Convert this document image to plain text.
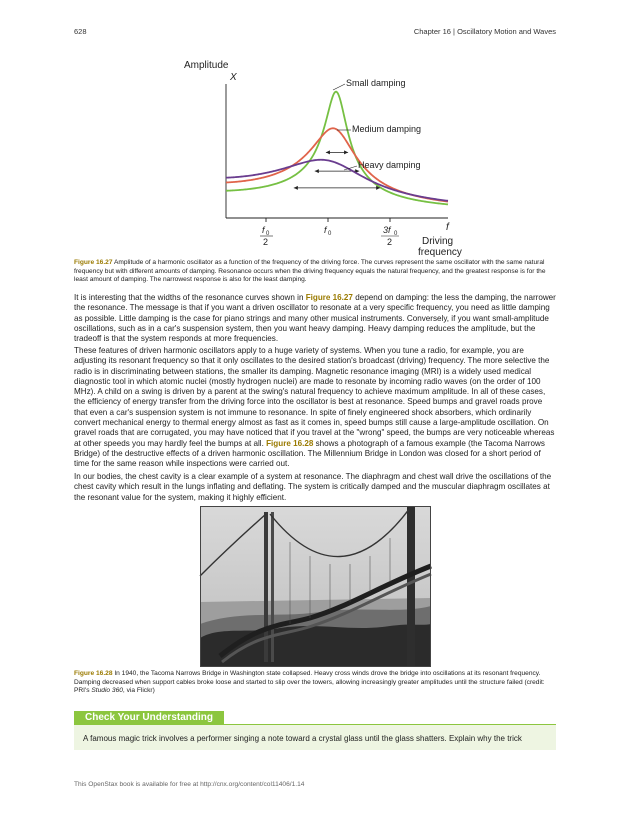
628	Chapter 16 | Oscillatory Motion and Waves
Amplitude
X	Small damping
Medium damping
Heavy damping
f 0
2
f 0	3f 0
2
f
Driving
frequency
Figure 16.27 Amplitude of a harmonic oscillator as a function of the frequency of the driving force. The curves represent the same oscillator with the same natural frequency but with different amounts of damping. Resonance occurs when the driving frequency equals the natural frequency, and the greatest response is for the least amount of damping. The narrowest response is also for the least damping.

It is interesting that the widths of the resonance curves shown in Figure 16.27 depend on damping: the less the damping, the narrower the resonance. The message is that if you want a driven oscillator to resonate at a very specific frequency, you need as little damping as possible. Little damping is the case for piano strings and many other musical instruments. Conversely, if you want small-amplitude oscillations, such as in a car's suspension system, then you want heavy damping. Heavy damping reduces the amplitude, but the tradeoff is that the system responds at more frequencies.

These features of driven harmonic oscillators apply to a huge variety of systems. When you tune a radio, for example, you are adjusting its resonant frequency so that it only oscillates to the desired station's broadcast (driving) frequency. The more selective the radio is in discriminating between stations, the smaller its damping. Magnetic resonance imaging (MRI) is a widely used medical diagnostic tool in which atomic nuclei (mostly hydrogen nuclei) are made to resonate by incoming radio waves (on the order of 100 MHz). A child on a swing is driven by a parent at the swing's natural frequency to achieve maximum amplitude. In all of these cases, the efficiency of energy transfer from the driving force into the oscillator is best at resonance. Speed bumps and gravel roads prove that even a car's suspension system is not immune to resonance. In spite of finely engineered shock absorbers, which ordinarily convert mechanical energy to thermal energy almost as fast as it comes in, speed bumps still cause a large-amplitude oscillation. On gravel roads that are corrugated, you may have noticed that if you travel at the "wrong" speed, the bumps are very noticeable whereas at other speeds you may hardly feel the bumps at all. Figure 16.28 shows a photograph of a famous example (the Tacoma Narrows Bridge) of the destructive effects of a driven harmonic oscillation. The Millennium Bridge in London was closed for a short period of time for the same reason while inspections were carried out.

In our bodies, the chest cavity is a clear example of a system at resonance. The diaphragm and chest wall drive the oscillations of the chest cavity which result in the lungs inflating and deflating. The system is critically damped and the muscular diaphragm oscillates at the resonant value for the system, making it highly efficient.

Figure 16.28 In 1940, the Tacoma Narrows Bridge in Washington state collapsed. Heavy cross winds drove the bridge into oscillations at its resonant frequency. Damping decreased when support cables broke loose and started to slip over the towers, allowing increasingly greater amplitudes until the structure failed (credit: PRI's Studio 360, via Flickr)
Check Your Understanding
A famous magic trick involves a performer singing a note toward a crystal glass until the glass shatters. Explain why the trick
This OpenStax book is available for free at http://cnx.org/content/col11406/1.14
